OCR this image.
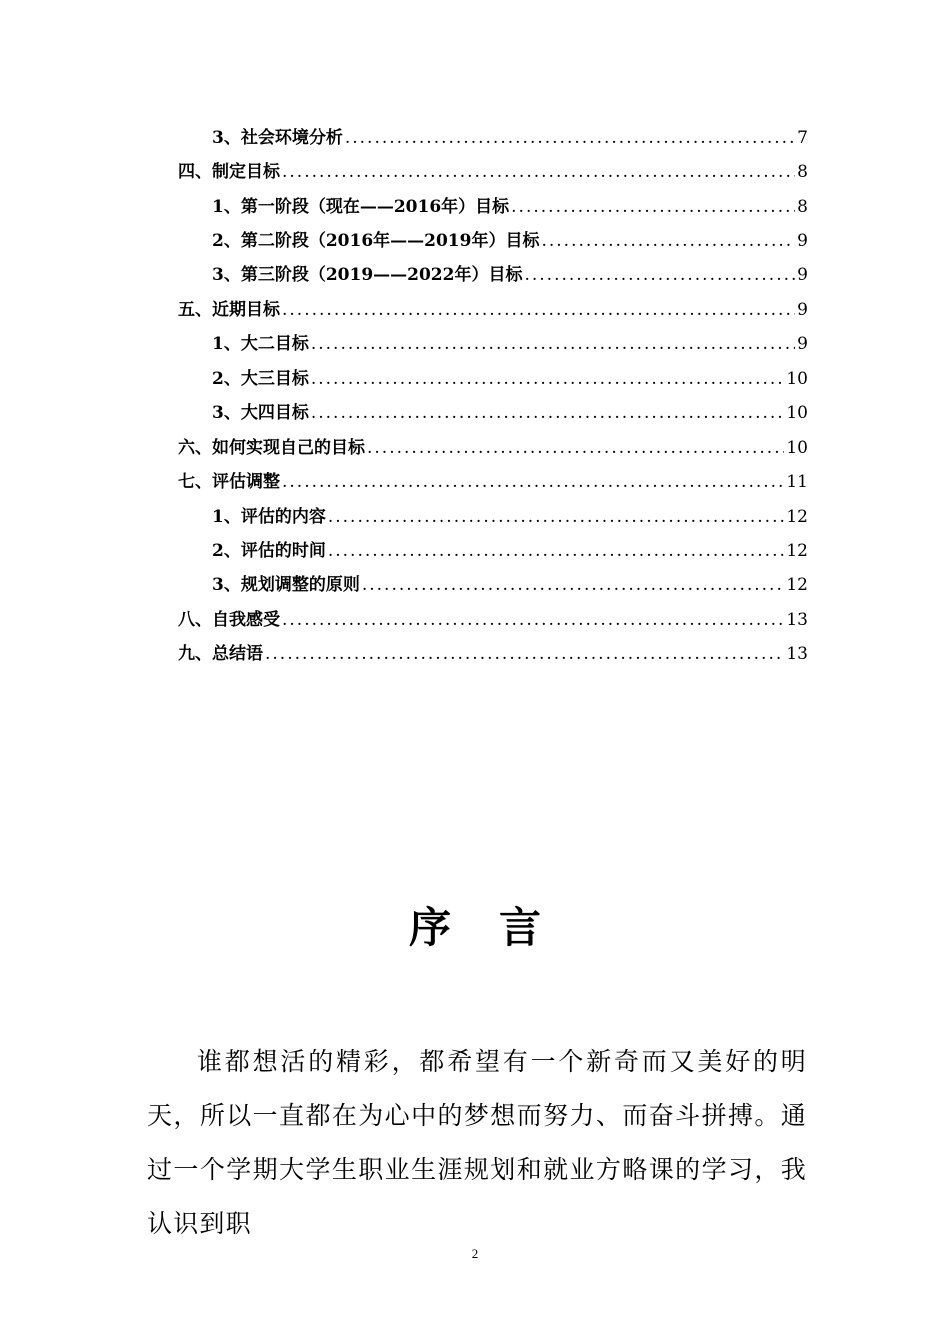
3、社会环境分析 .....	7
四、制定目标 .....	8
1、第一阶段（现在——2016年）目标 .....	8
2、第二阶段（2016年——2019年）目标 .....	9
3、第三阶段（2019——2022年）目标 .....	9
五、近期目标 .....	9
1、大二目标 .....	9
2、大三目标 .....	10
3、大四目标 .....	10
六、如何实现自己的目标 .....	10
七、评估调整 .....	11
1、评估的内容 .....	12
2、评估的时间 .....	12
3、规划调整的原则 .....	12
八、自我感受 .....	13
九、总结语 .....	13
序言

谁都想活的精彩，都希望有一个新奇而又美好的明天，所以一直都在为心中的梦想而努力、而奋斗拼搏。通过一个学期大学生职业生涯规划和就业方略课的学习，我认识到职

2
